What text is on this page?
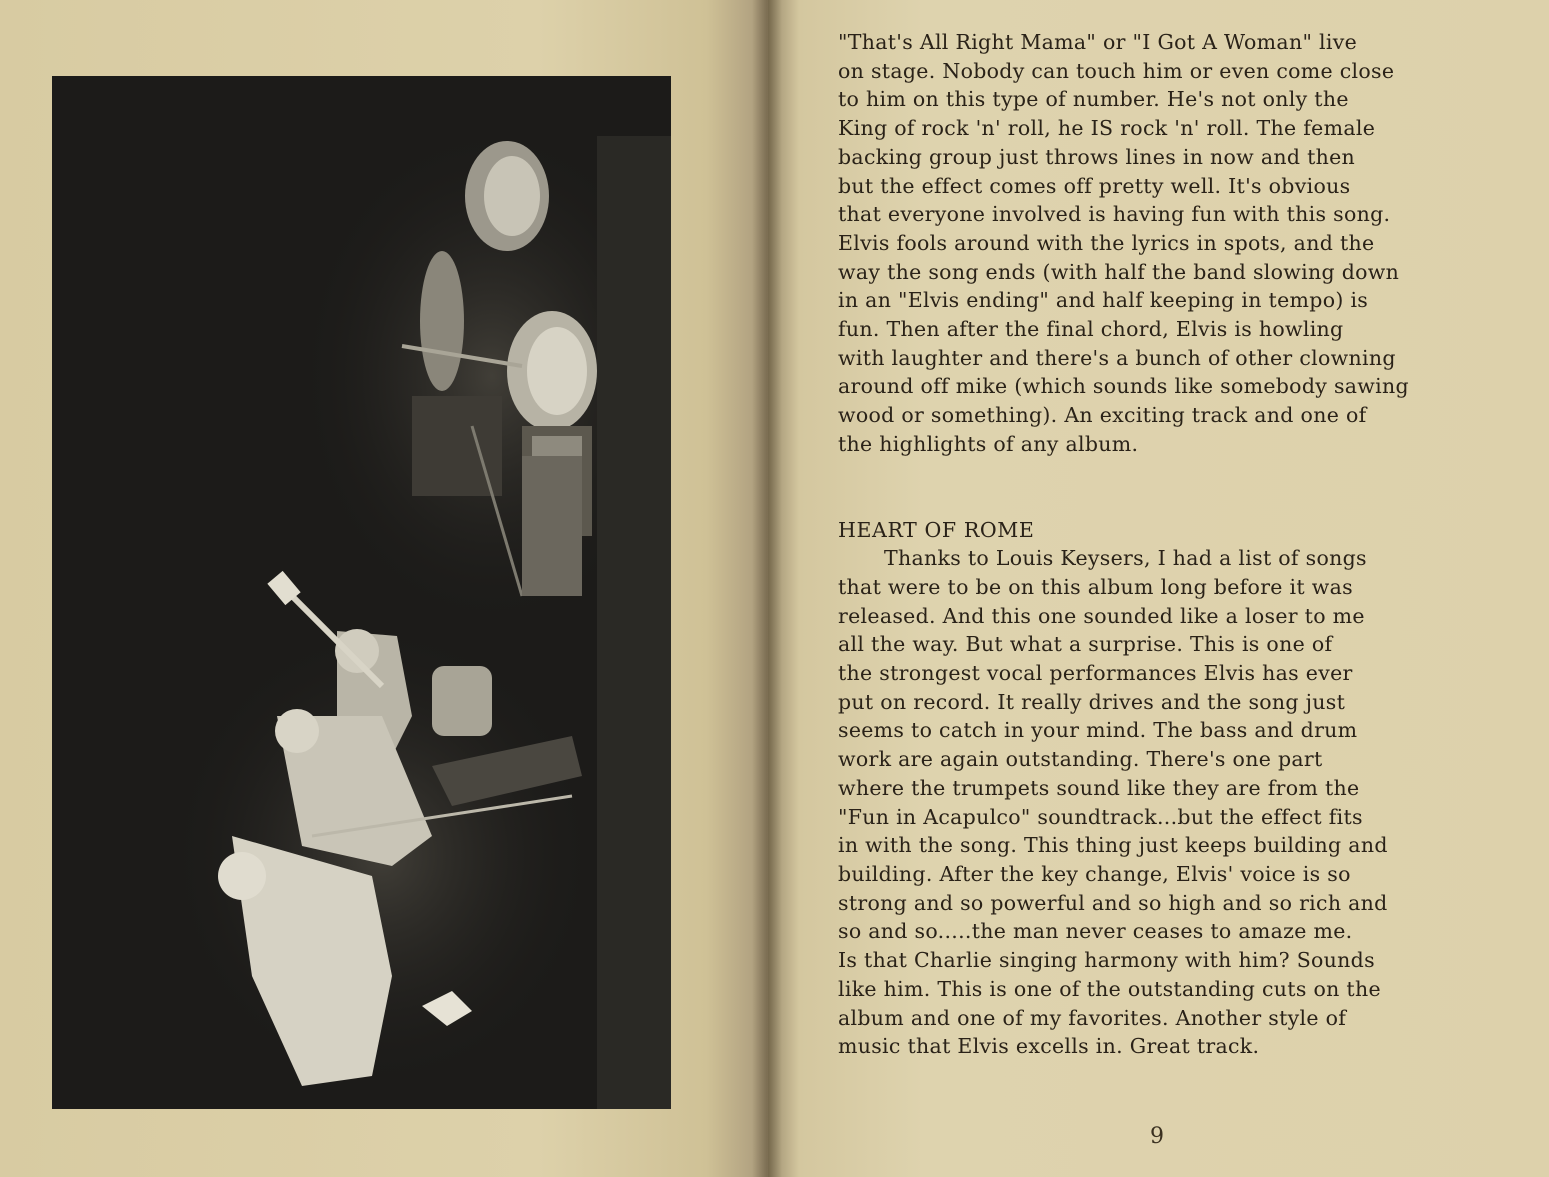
"That's All Right Mama" or "I Got A Woman" live
on stage. Nobody can touch him or even come close
to him on this type of number. He's not only the
King of rock 'n' roll, he IS rock 'n' roll. The female
backing group just throws lines in now and then
but the effect comes off pretty well. It's obvious
that everyone involved is having fun with this song.
Elvis fools around with the lyrics in spots, and the
way the song ends (with half the band slowing down
in an "Elvis ending" and half keeping in tempo) is
fun. Then after the final chord, Elvis is howling
with laughter and there's a bunch of other clowning
around off mike (which sounds like somebody sawing
wood or something). An exciting track and one of
the highlights of any album.
HEART OF ROME
Thanks to Louis Keysers, I had a list of songs
that were to be on this album long before it was
released. And this one sounded like a loser to me
all the way. But what a surprise. This is one of
the strongest vocal performances Elvis has ever
put on record. It really drives and the song just
seems to catch in your mind. The bass and drum
work are again outstanding. There's one part
where the trumpets sound like they are from the
"Fun in Acapulco" soundtrack...but the effect fits
in with the song. This thing just keeps building and
building. After the key change, Elvis' voice is so
strong and so powerful and so high and so rich and
so and so.....the man never ceases to amaze me.
Is that Charlie singing harmony with him? Sounds
like him. This is one of the outstanding cuts on the
album and one of my favorites. Another style of
music that Elvis excells in. Great track.
9
